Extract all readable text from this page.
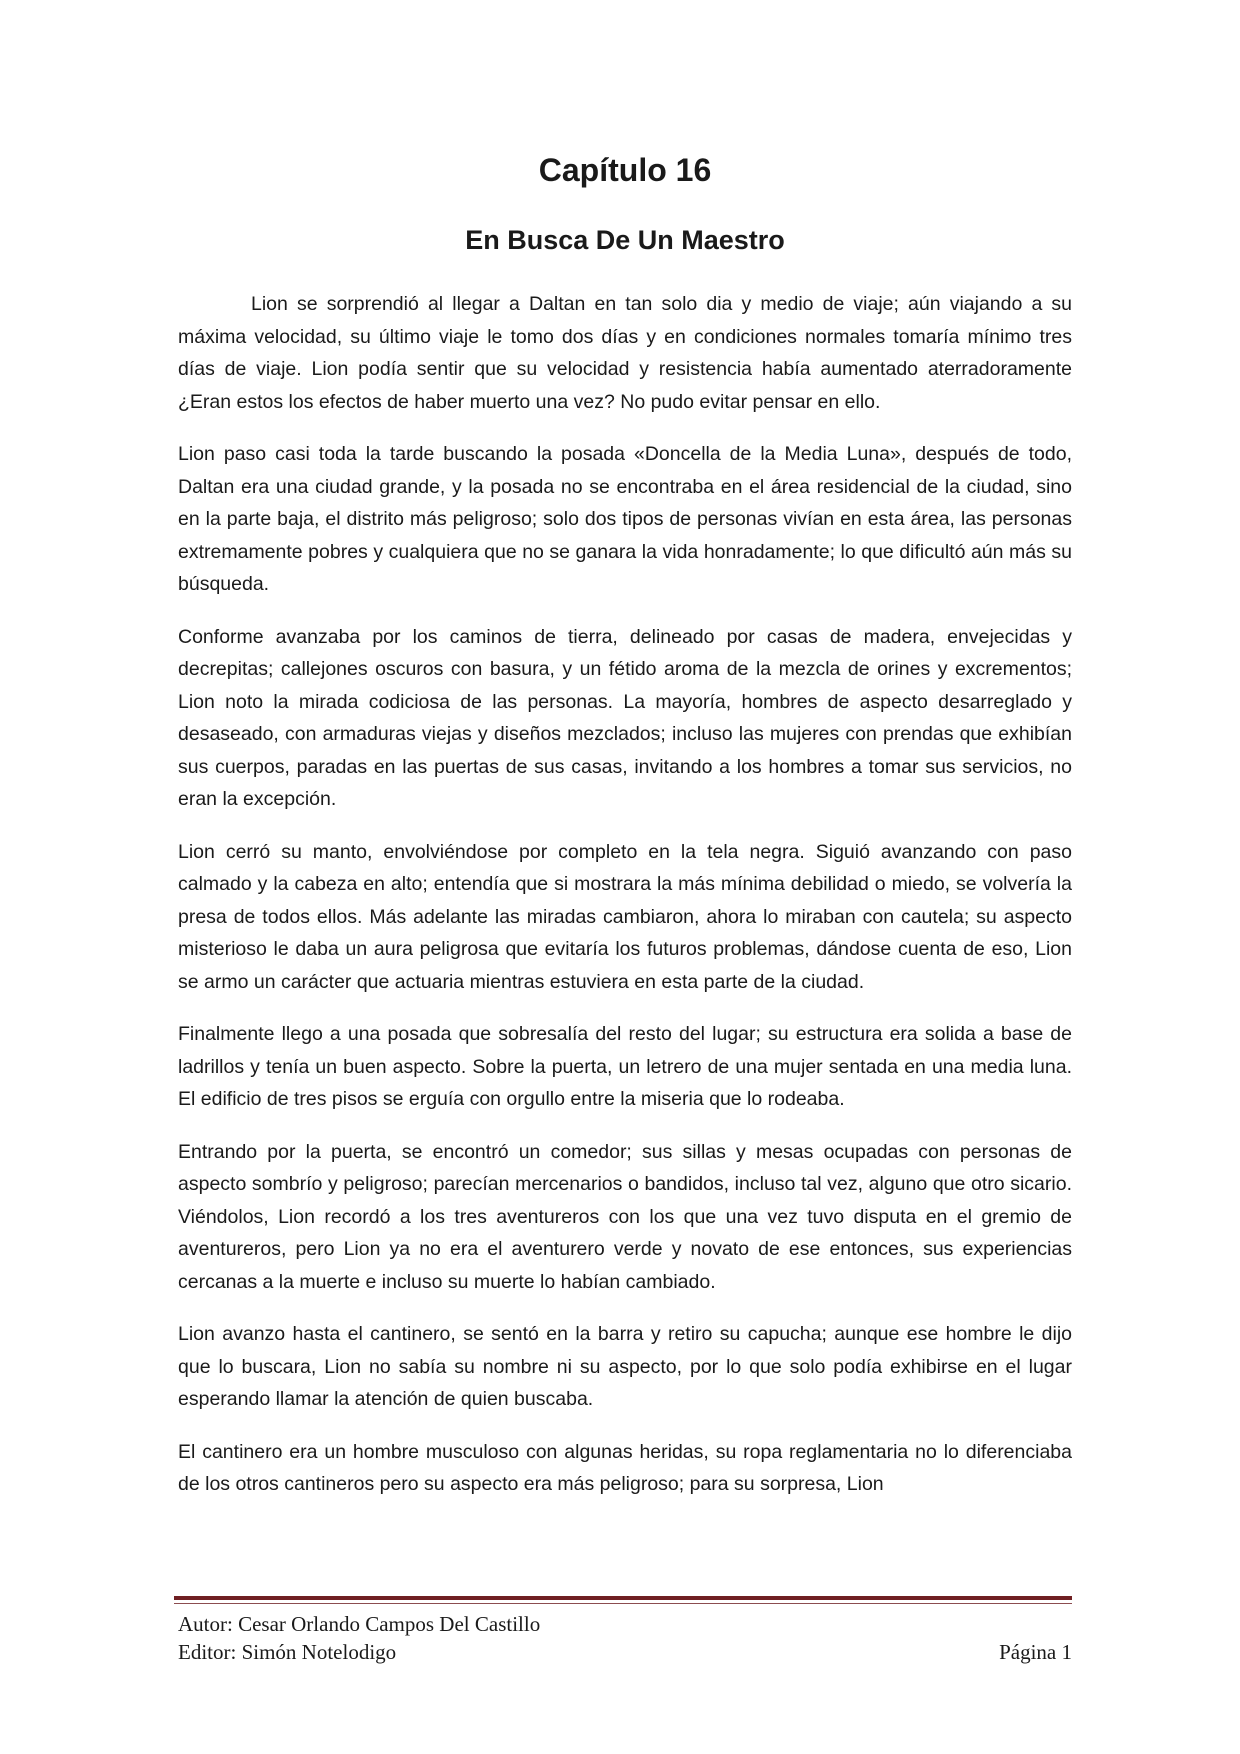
Capítulo 16
En Busca De Un Maestro

Lion se sorprendió al llegar a Daltan en tan solo dia y medio de viaje; aún viajando a su máxima velocidad, su último viaje le tomo dos días y en condiciones normales tomaría mínimo tres días de viaje. Lion podía sentir que su velocidad y resistencia había aumentado aterradoramente ¿Eran estos los efectos de haber muerto una vez? No pudo evitar pensar en ello.

Lion paso casi toda la tarde buscando la posada «Doncella de la Media Luna», después de todo, Daltan era una ciudad grande, y la posada no se encontraba en el área residencial de la ciudad, sino en la parte baja, el distrito más peligroso; solo dos tipos de personas vivían en esta área, las personas extremamente pobres y cualquiera que no se ganara la vida honradamente; lo que dificultó aún más su búsqueda.

Conforme avanzaba por los caminos de tierra, delineado por casas de madera, envejecidas y decrepitas; callejones oscuros con basura, y un fétido aroma de la mezcla de orines y excrementos; Lion noto la mirada codiciosa de las personas. La mayoría, hombres de aspecto desarreglado y desaseado, con armaduras viejas y diseños mezclados; incluso las mujeres con prendas que exhibían sus cuerpos, paradas en las puertas de sus casas, invitando a los hombres a tomar sus servicios, no eran la excepción.

Lion cerró su manto, envolviéndose por completo en la tela negra. Siguió avanzando con paso calmado y la cabeza en alto; entendía que si mostrara la más mínima debilidad o miedo, se volvería la presa de todos ellos. Más adelante las miradas cambiaron, ahora lo miraban con cautela; su aspecto misterioso le daba un aura peligrosa que evitaría los futuros problemas, dándose cuenta de eso, Lion se armo un carácter que actuaria mientras estuviera en esta parte de la ciudad.

Finalmente llego a una posada que sobresalía del resto del lugar; su estructura era solida a base de ladrillos y tenía un buen aspecto. Sobre la puerta, un letrero de una mujer sentada en una media luna. El edificio de tres pisos se erguía con orgullo entre la miseria que lo rodeaba.

Entrando por la puerta, se encontró un comedor; sus sillas y mesas ocupadas con personas de aspecto sombrío y peligroso; parecían mercenarios o bandidos, incluso tal vez, alguno que otro sicario. Viéndolos, Lion recordó a los tres aventureros con los que una vez tuvo disputa en el gremio de aventureros, pero Lion ya no era el aventurero verde y novato de ese entonces, sus experiencias cercanas a la muerte e incluso su muerte lo habían cambiado.

Lion avanzo hasta el cantinero, se sentó en la barra y retiro su capucha; aunque ese hombre le dijo que lo buscara, Lion no sabía su nombre ni su aspecto, por lo que solo podía exhibirse en el lugar esperando llamar la atención de quien buscaba.

El cantinero era un hombre musculoso con algunas heridas, su ropa reglamentaria no lo diferenciaba de los otros cantineros pero su aspecto era más peligroso; para su sorpresa, Lion

Autor: Cesar Orlando Campos Del Castillo
Editor: Simón Notelodigo	Página 1
